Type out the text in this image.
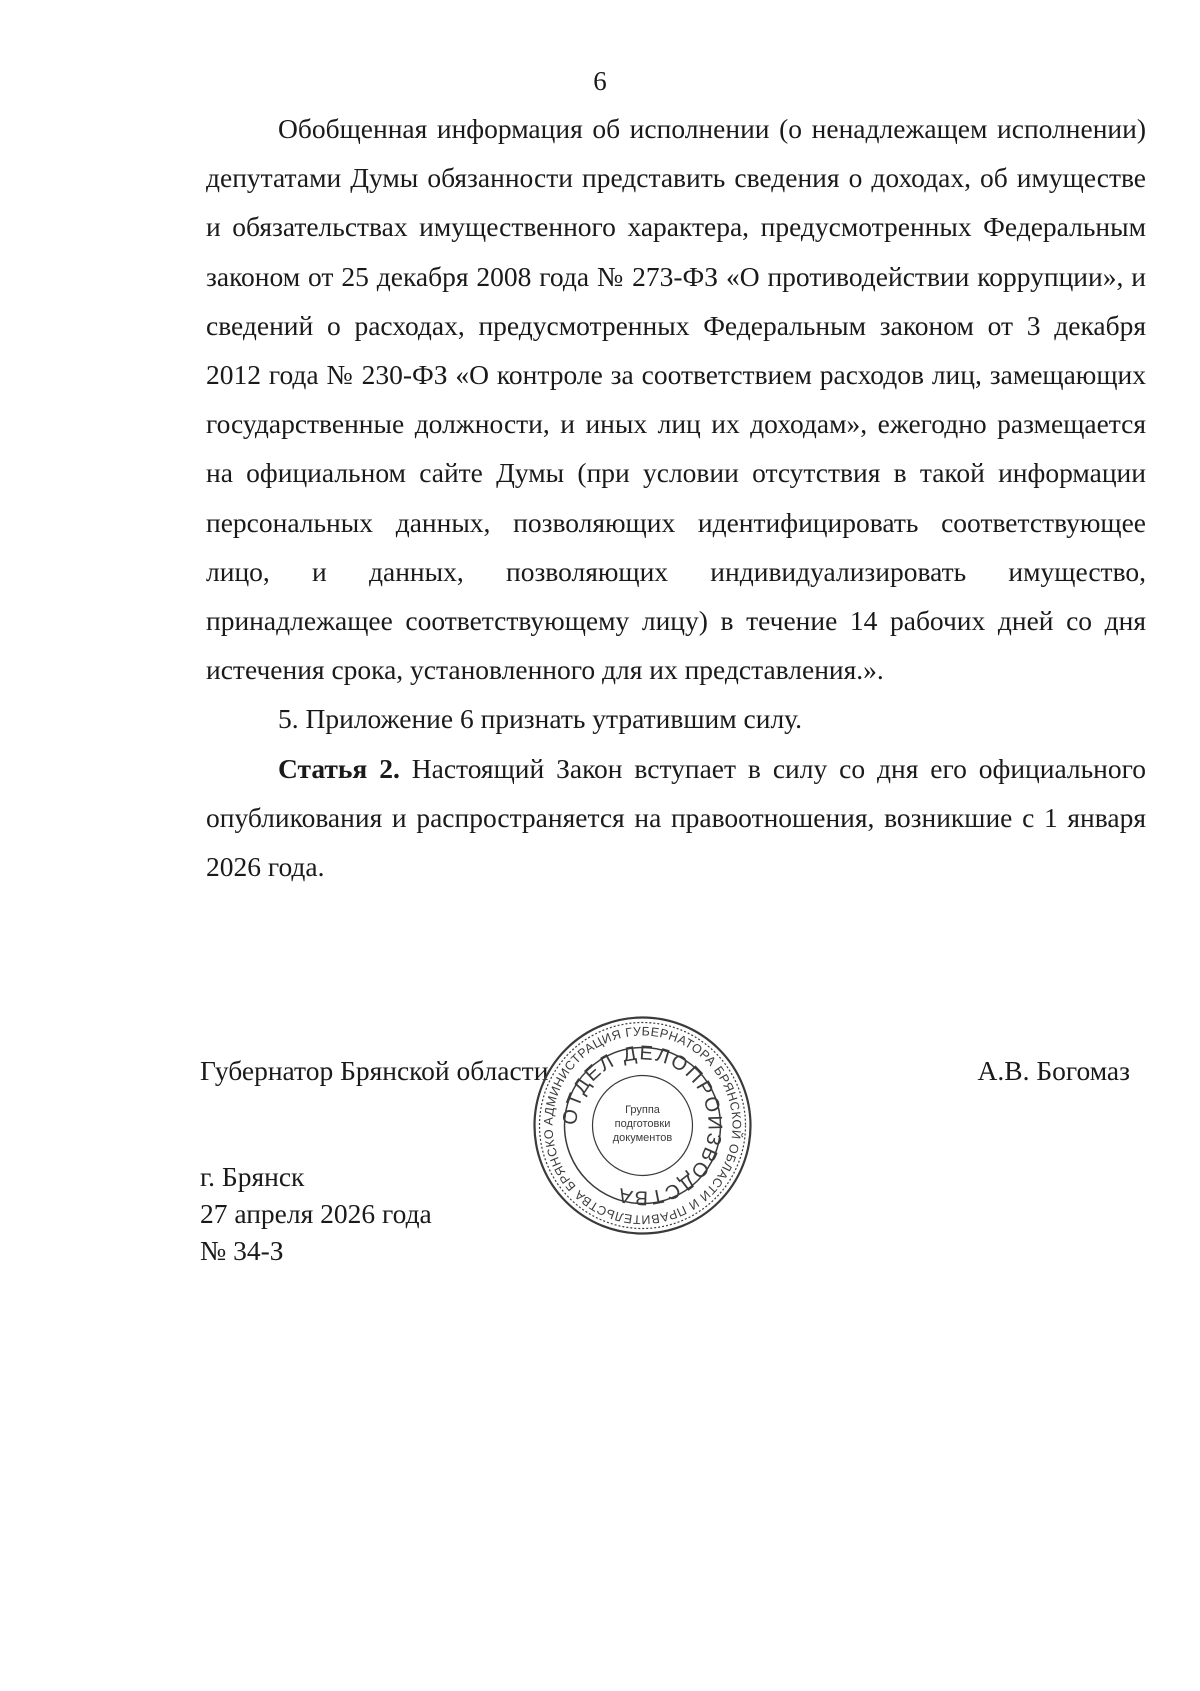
6

Обобщенная информация об исполнении (о ненадлежащем исполнении) депутатами Думы обязанности представить сведения о доходах, об имуществе и обязательствах имущественного характера, предусмотренных Федеральным законом от 25 декабря 2008 года № 273-ФЗ «О противодействии коррупции», и сведений о расходах, предусмотренных Федеральным законом от 3 декабря 2012 года № 230-ФЗ «О контроле за соответствием расходов лиц, замещающих государственные должности, и иных лиц их доходам», ежегодно размещается на официальном сайте Думы (при условии отсутствия в такой информации персональных данных, позволяющих идентифицировать соответствующее лицо, и данных, позволяющих индивидуализировать имущество, принадлежащее соответствующему лицу) в течение 14 рабочих дней со дня истечения срока, установленного для их представления.».

5. Приложение 6 признать утратившим силу.

Статья 2. Настоящий Закон вступает в силу со дня его официального опубликования и распространяется на правоотношения, возникшие с 1 января 2026 года.

Губернатор Брянской области	А.В. Богомаз
АДМИНИСТРАЦИЯ ГУБЕРНАТОРА БРЯНСКОЙ ОБЛАСТИ И ПРАВИТЕЛЬСТВА БРЯНСКО
ОТДЕЛ ДЕЛОПРОИЗВОДСТВА
Группа подготовки документов
г. Брянск
27 апреля 2026 года
№ 34-З
